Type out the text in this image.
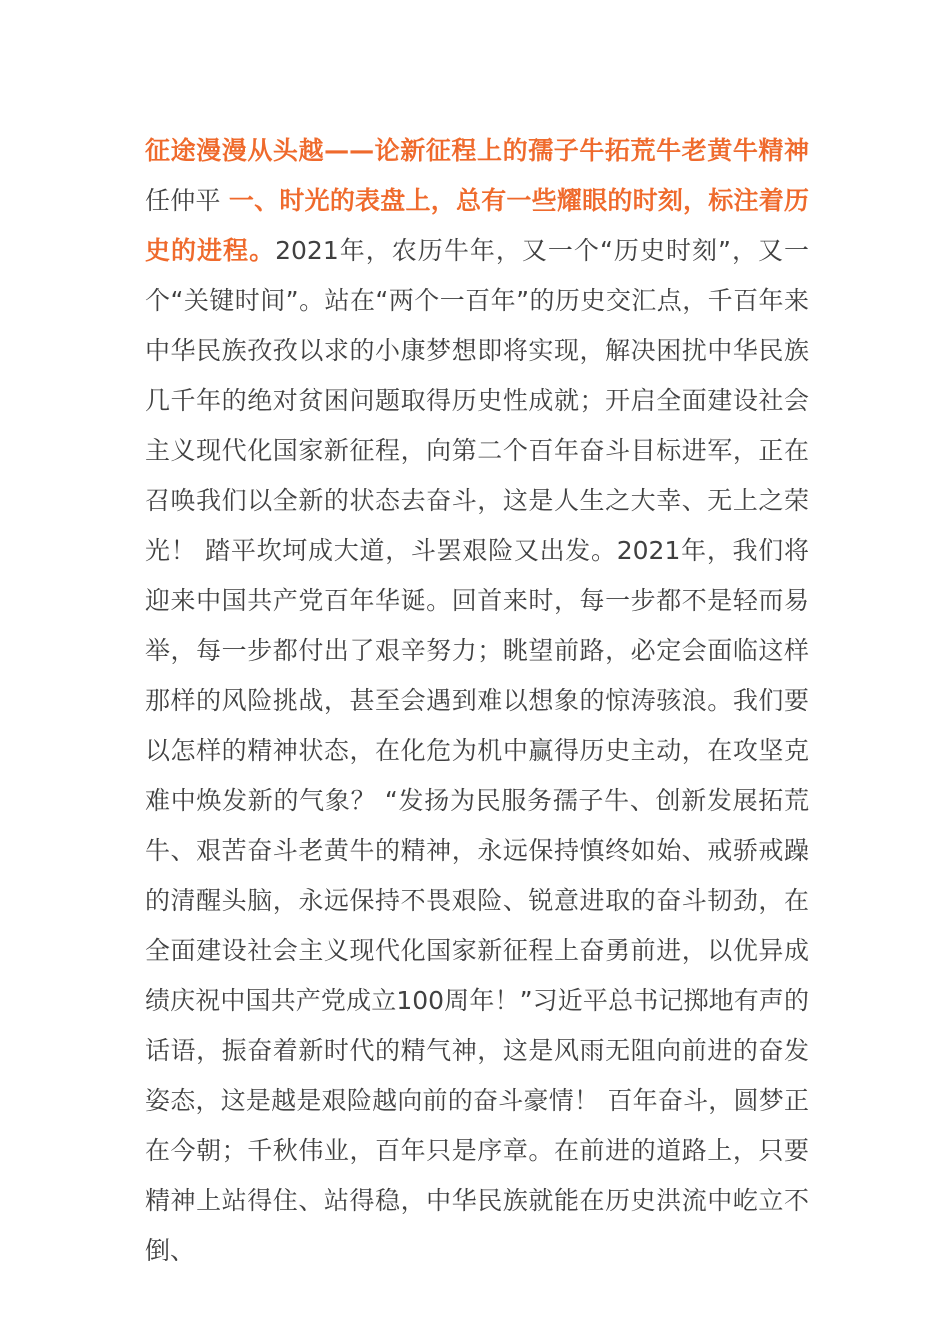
征途漫漫从头越——论新征程上的孺子牛拓荒牛老黄牛精神任仲平 一、时光的表盘上，总有一些耀眼的时刻，标注着历史的进程。2021年，农历牛年，又一个“历史时刻”，又一个“关键时间”。站在“两个一百年”的历史交汇点，千百年来中华民族孜孜以求的小康梦想即将实现，解决困扰中华民族几千年的绝对贫困问题取得历史性成就；开启全面建设社会主义现代化国家新征程，向第二个百年奋斗目标进军，正在召唤我们以全新的状态去奋斗，这是人生之大幸、无上之荣光！ 踏平坎坷成大道，斗罢艰险又出发。2021年，我们将迎来中国共产党百年华诞。回首来时，每一步都不是轻而易举，每一步都付出了艰辛努力；眺望前路，必定会面临这样那样的风险挑战，甚至会遇到难以想象的惊涛骇浪。我们要以怎样的精神状态，在化危为机中赢得历史主动，在攻坚克难中焕发新的气象？ “发扬为民服务孺子牛、创新发展拓荒牛、艰苦奋斗老黄牛的精神，永远保持慎终如始、戒骄戒躁的清醒头脑，永远保持不畏艰险、锐意进取的奋斗韧劲，在全面建设社会主义现代化国家新征程上奋勇前进，以优异成绩庆祝中国共产党成立100周年！”习近平总书记掷地有声的话语，振奋着新时代的精气神，这是风雨无阻向前进的奋发姿态，这是越是艰险越向前的奋斗豪情！ 百年奋斗，圆梦正在今朝；千秋伟业，百年只是序章。在前进的道路上，只要精神上站得住、站得稳，中华民族就能在历史洪流中屹立不倒、
